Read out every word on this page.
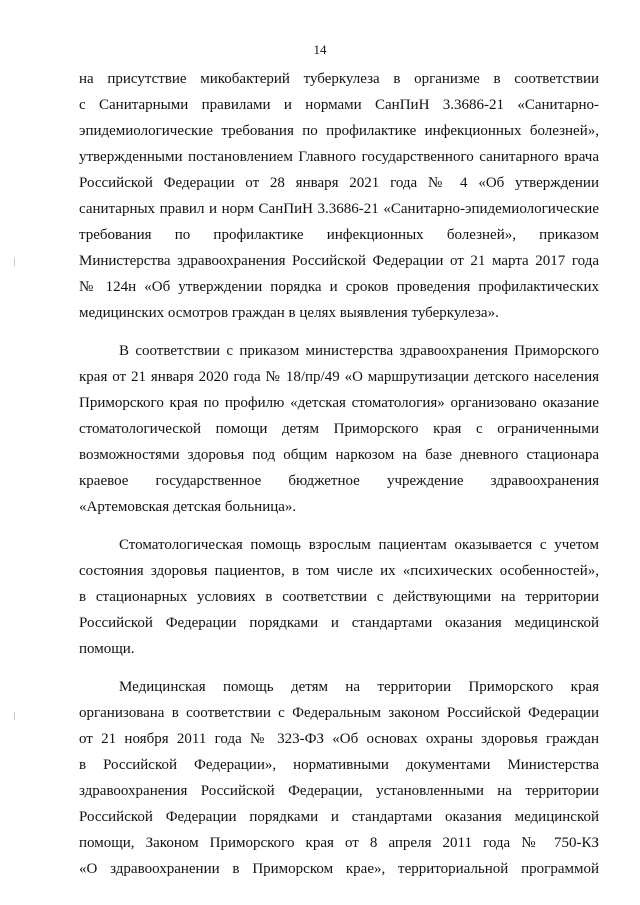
14
на присутствие микобактерий туберкулеза в организме в соответствии
с Санитарными правилами и нормами СанПиН 3.3686-21 «Санитарно-
эпидемиологические требования по профилактике инфекционных болезней»,
утвержденными постановлением Главного государственного санитарного врача
Российской Федерации от 28 января 2021 года № 4 «Об утверждении
санитарных правил и норм СанПиН 3.3686-21 «Санитарно-эпидемиологические
требования по профилактике инфекционных болезней», приказом
Министерства здравоохранения Российской Федерации от 21 марта 2017 года
№ 124н «Об утверждении порядка и сроков проведения профилактических
медицинских осмотров граждан в целях выявления туберкулеза».
В соответствии с приказом министерства здравоохранения Приморского
края от 21 января 2020 года № 18/пр/49 «О маршрутизации детского населения
Приморского края по профилю «детская стоматология» организовано оказание
стоматологической помощи детям Приморского края с ограниченными
возможностями здоровья под общим наркозом на базе дневного стационара
краевое государственное бюджетное учреждение здравоохранения
«Артемовская детская больница».
Стоматологическая помощь взрослым пациентам оказывается с учетом
состояния здоровья пациентов, в том числе их «психических особенностей»,
в стационарных условиях в соответствии с действующими на территории
Российской Федерации порядками и стандартами оказания медицинской
помощи.
Медицинская помощь детям на территории Приморского края
организована в соответствии с Федеральным законом Российской Федерации
от 21 ноября 2011 года № 323-ФЗ «Об основах охраны здоровья граждан
в Российской Федерации», нормативными документами Министерства
здравоохранения Российской Федерации, установленными на территории
Российской Федерации порядками и стандартами оказания медицинской
помощи, Законом Приморского края от 8 апреля 2011 года № 750-КЗ
«О здравоохранении в Приморском крае», территориальной программой
